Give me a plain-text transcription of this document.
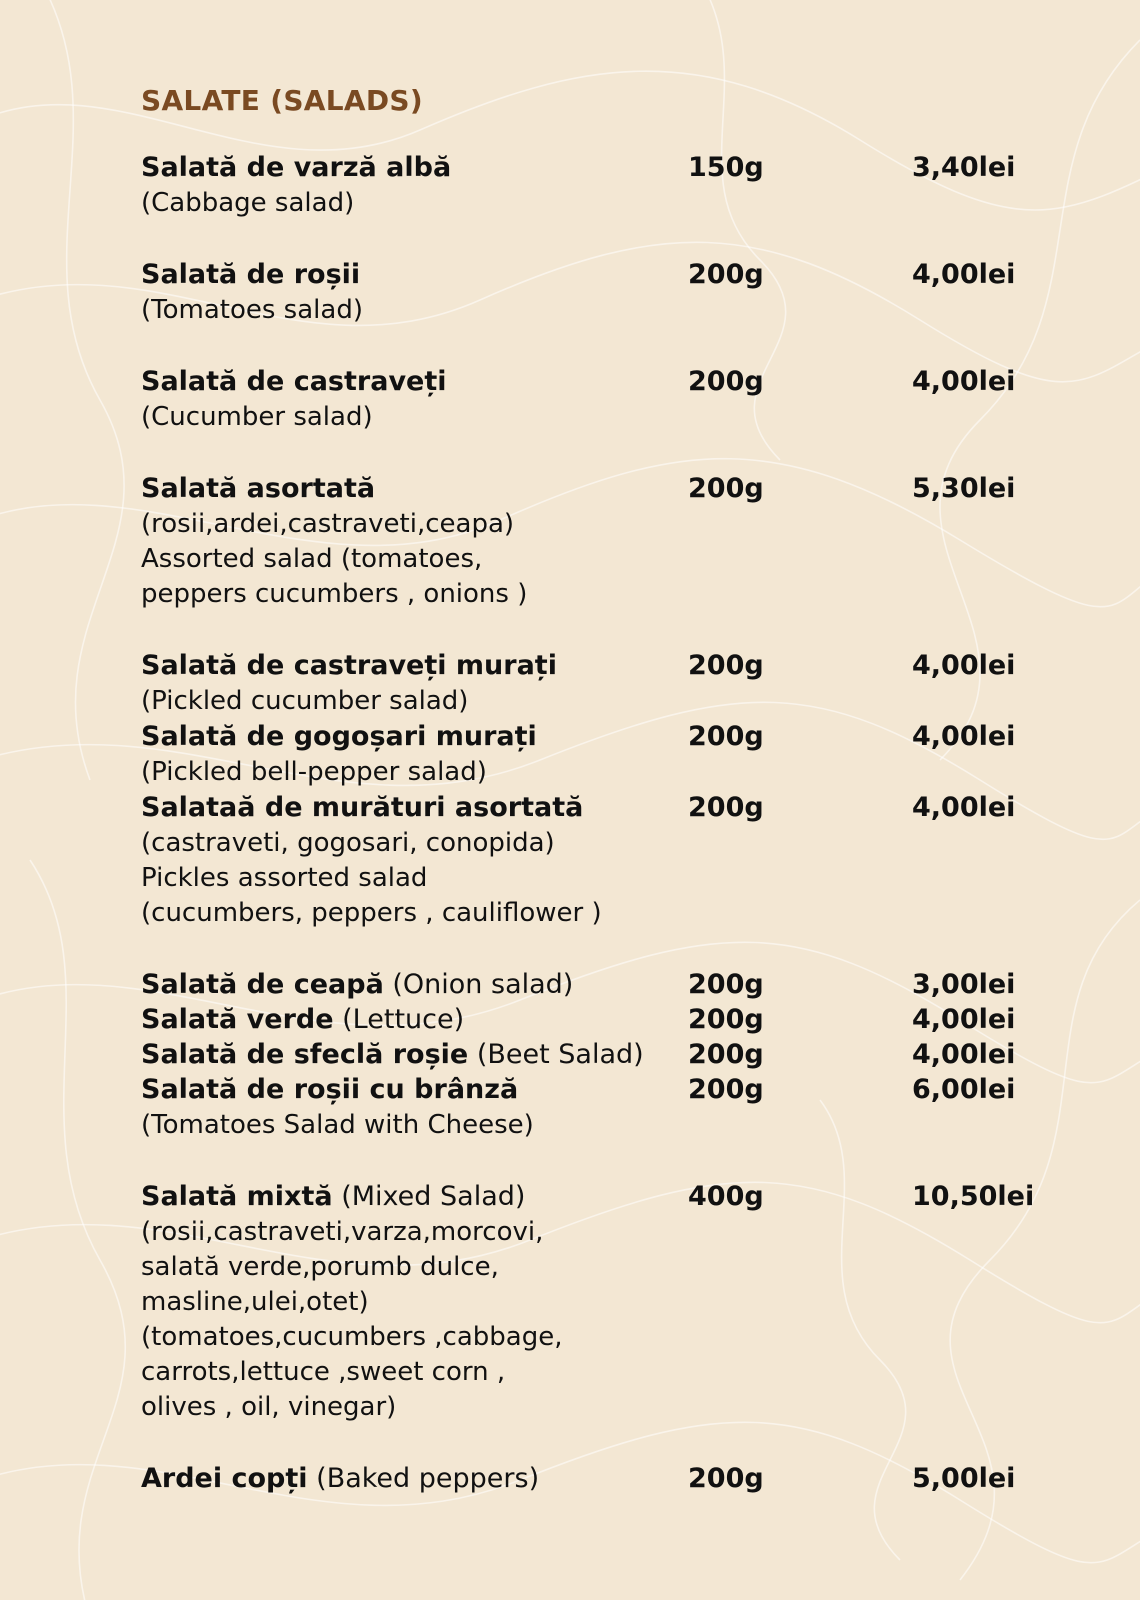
SALATE (SALADS)
Salată de varză albă	150g	3,40lei
(Cabbage salad)
Salată de roșii	200g	4,00lei
(Tomatoes salad)
Salată de castraveți	200g	4,00lei
(Cucumber salad)
Salată asortată	200g	5,30lei
(rosii,ardei,castraveti,ceapa)
Assorted salad (tomatoes,
peppers cucumbers , onions )
Salată de castraveți murați	200g	4,00lei
(Pickled cucumber salad)
Salată de gogoșari murați	200g	4,00lei
(Pickled bell-pepper salad)
Salataă de murături asortată	200g	4,00lei
(castraveti, gogosari, conopida)
Pickles assorted salad
(cucumbers, peppers , cauliflower )
Salată de ceapă (Onion salad)	200g	3,00lei
Salată verde (Lettuce)	200g	4,00lei
Salată de sfeclă roșie (Beet Salad) 200g	4,00lei
Salată de roșii cu brânză	200g	6,00lei
(Tomatoes Salad with Cheese)
Salată mixtă (Mixed Salad)	400g	10,50lei
(rosii,castraveti,varza,morcovi,
salată verde,porumb dulce,
masline,ulei,otet)
(tomatoes,cucumbers ,cabbage,
carrots,lettuce ,sweet corn ,
olives , oil, vinegar)
Ardei copți (Baked peppers)	200g	5,00lei
